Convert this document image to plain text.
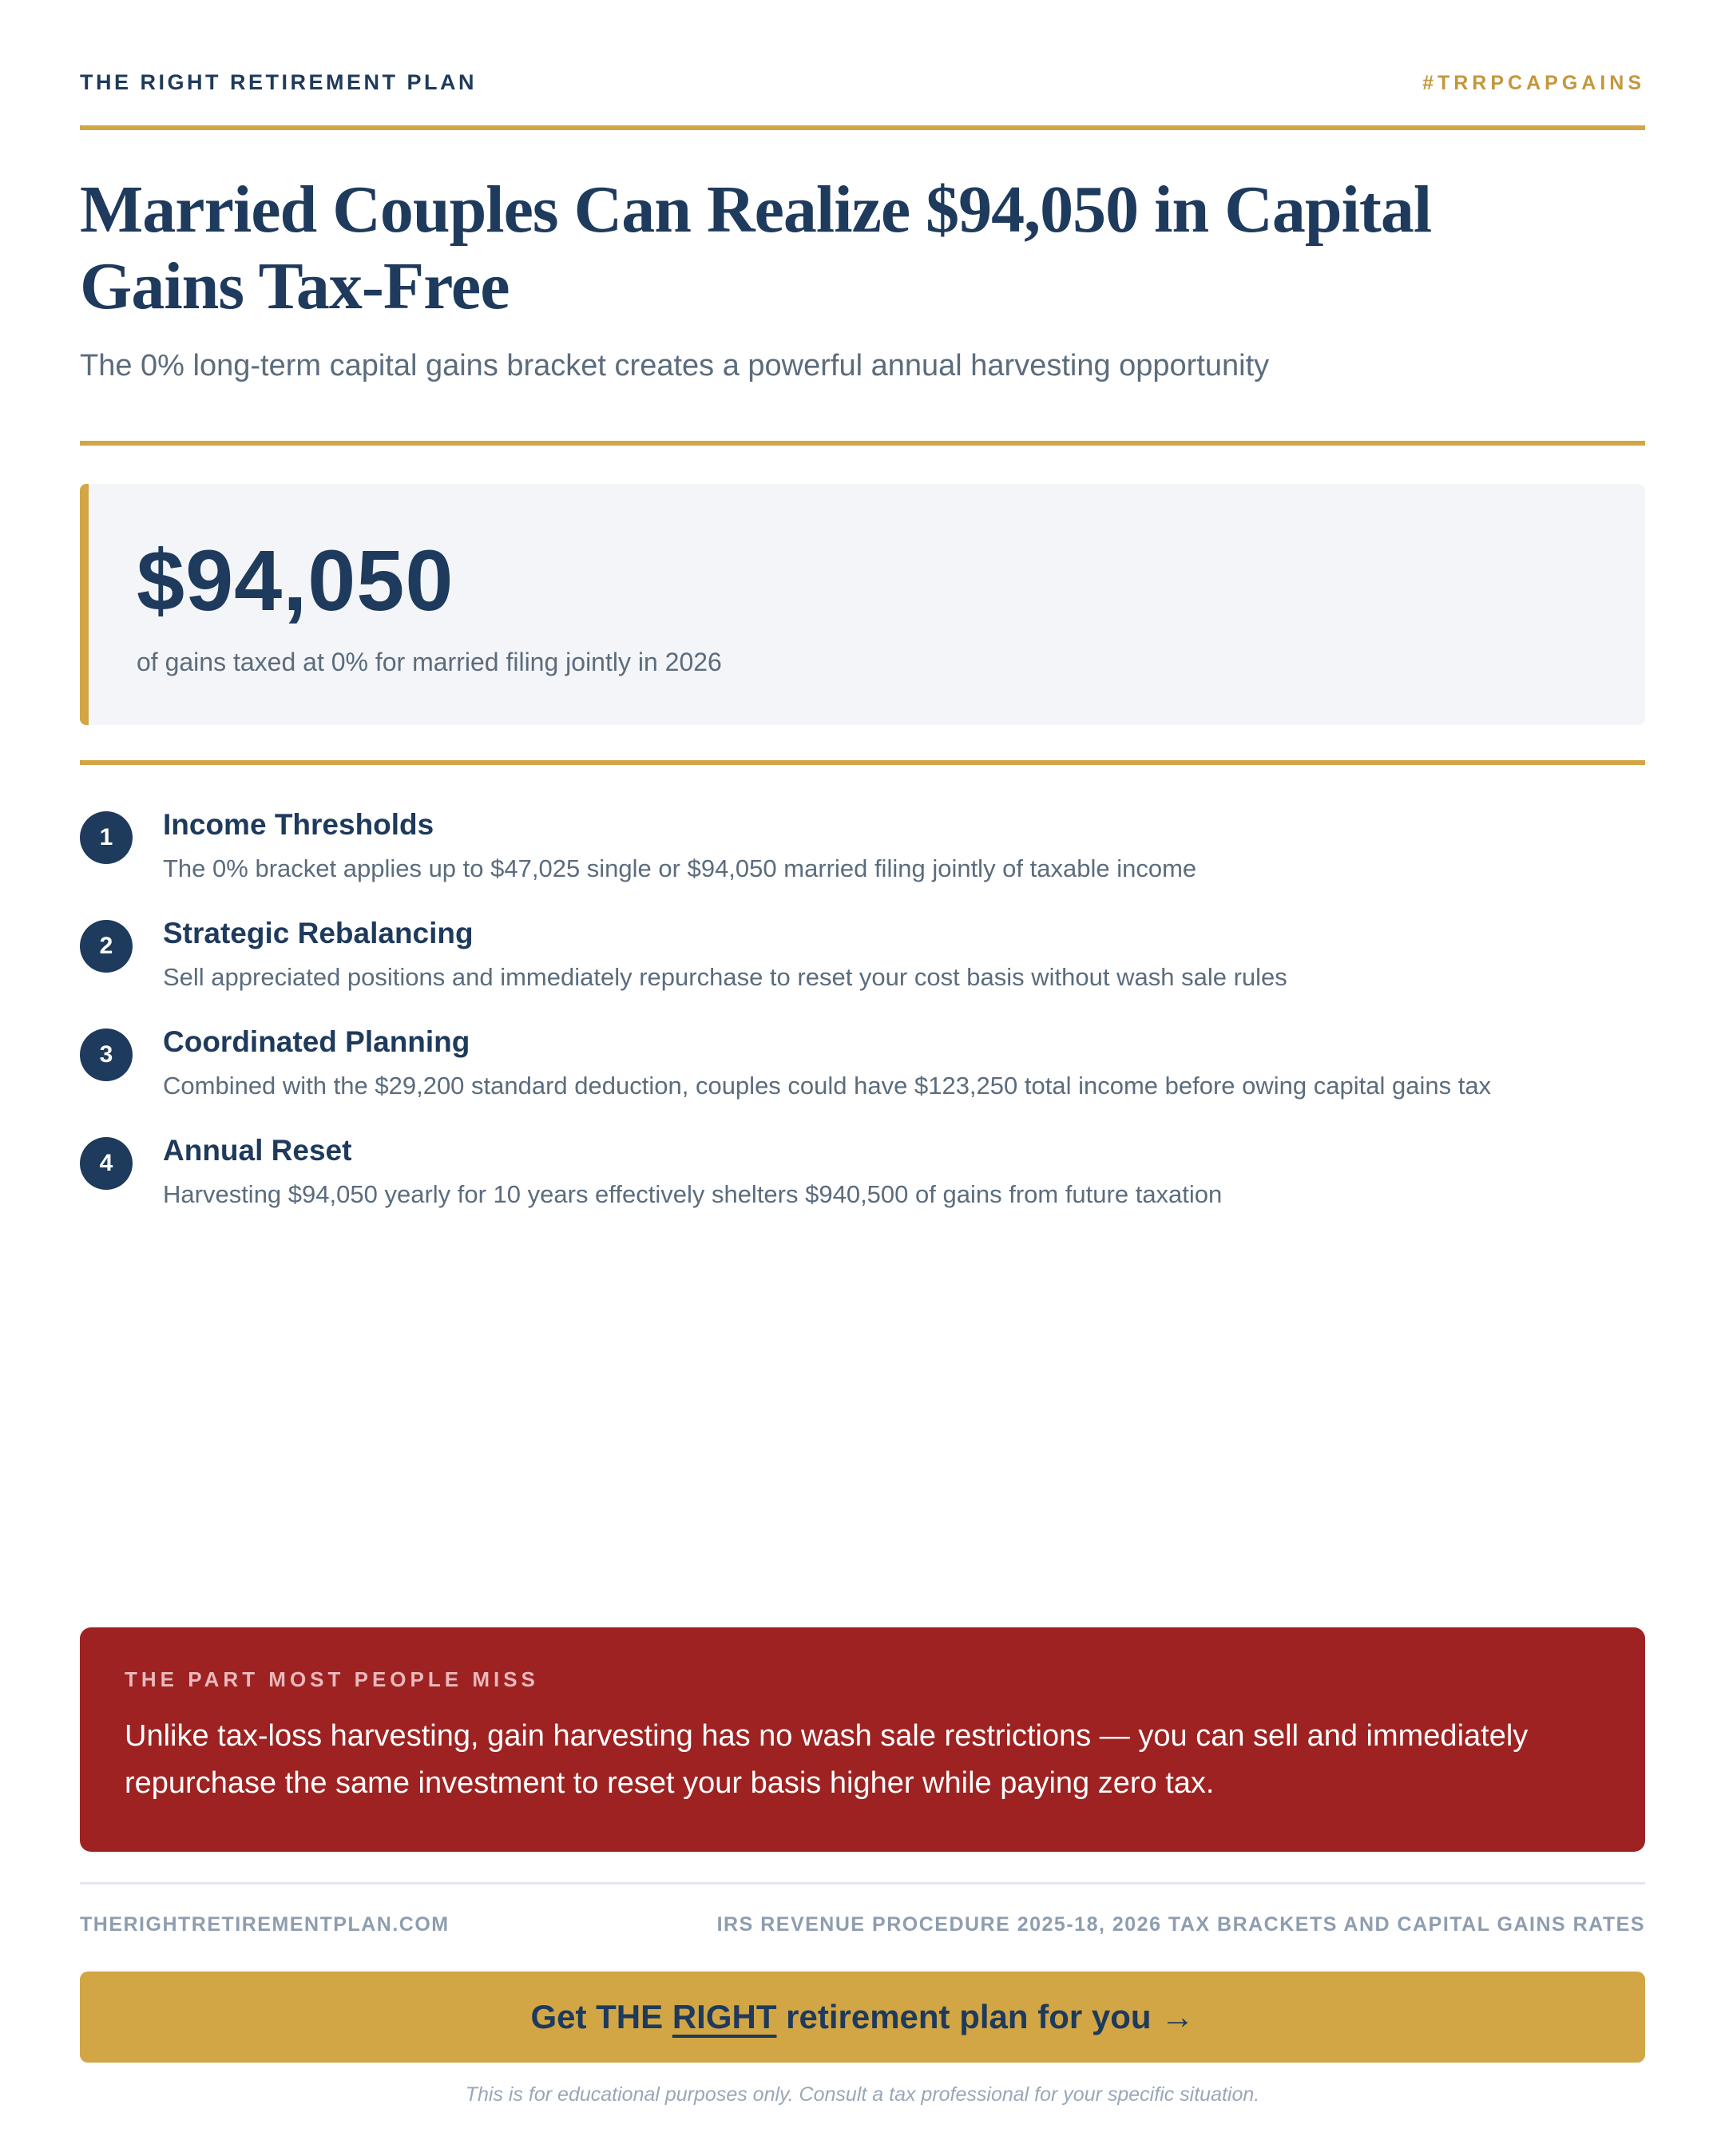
THE RIGHT RETIREMENT PLAN	#TRRPCAPGAINS
Married Couples Can Realize $94,050 in Capital Gains Tax-Free
The 0% long-term capital gains bracket creates a powerful annual harvesting opportunity
$94,050
of gains taxed at 0% for married filing jointly in 2026
1	Income Thresholds
The 0% bracket applies up to $47,025 single or $94,050 married filing jointly of taxable income
2	Strategic Rebalancing
Sell appreciated positions and immediately repurchase to reset your cost basis without wash sale rules
3	Coordinated Planning
Combined with the $29,200 standard deduction, couples could have $123,250 total income before owing capital gains tax
4	Annual Reset
Harvesting $94,050 yearly for 10 years effectively shelters $940,500 of gains from future taxation
THE PART MOST PEOPLE MISS
Unlike tax-loss harvesting, gain harvesting has no wash sale restrictions — you can sell and immediately repurchase the same investment to reset your basis higher while paying zero tax.
THERIGHTRETIREMENTPLAN.COM	IRS REVENUE PROCEDURE 2025-18, 2026 TAX BRACKETS AND CAPITAL GAINS RATES
Get THE RIGHT retirement plan for you →
This is for educational purposes only. Consult a tax professional for your specific situation.
